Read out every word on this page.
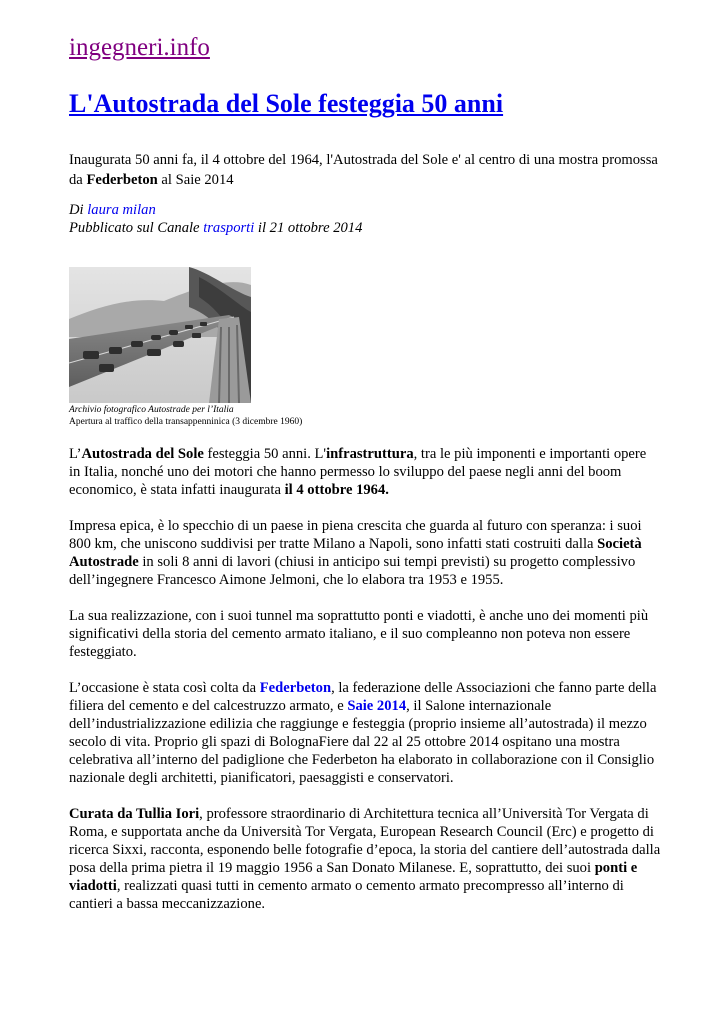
ingegneri.info
L'Autostrada del Sole festeggia 50 anni
Inaugurata 50 anni fa, il 4 ottobre del 1964, l'Autostrada del Sole e' al centro di una mostra promossa da Federbeton al Saie 2014
Di laura milan
Pubblicato sul Canale trasporti il 21 ottobre 2014
Archivio fotografico Autostrade per l’Italia
Apertura al traffico della transappenninica (3 dicembre 1960)

L’Autostrada del Sole festeggia 50 anni. L'infrastruttura, tra le più imponenti e importanti opere in Italia, nonché uno dei motori che hanno permesso lo sviluppo del paese negli anni del boom economico, è stata infatti inaugurata il 4 ottobre 1964.

Impresa epica, è lo specchio di un paese in piena crescita che guarda al futuro con speranza: i suoi 800 km, che uniscono suddivisi per tratte Milano a Napoli, sono infatti stati costruiti dalla Società Autostrade in soli 8 anni di lavori (chiusi in anticipo sui tempi previsti) su progetto complessivo dell’ingegnere Francesco Aimone Jelmoni, che lo elabora tra 1953 e 1955.

La sua realizzazione, con i suoi tunnel ma soprattutto ponti e viadotti, è anche uno dei momenti più significativi della storia del cemento armato italiano, e il suo compleanno non poteva non essere festeggiato.

L’occasione è stata così colta da Federbeton, la federazione delle Associazioni che fanno parte della filiera del cemento e del calcestruzzo armato, e Saie 2014, il Salone internazionale dell’industrializzazione edilizia che raggiunge e festeggia (proprio insieme all’autostrada) il mezzo secolo di vita. Proprio gli spazi di BolognaFiere dal 22 al 25 ottobre 2014 ospitano una mostra celebrativa all’interno del padiglione che Federbeton ha elaborato in collaborazione con il Consiglio nazionale degli architetti, pianificatori, paesaggisti e conservatori.

Curata da Tullia Iori, professore straordinario di Architettura tecnica all’Università Tor Vergata di Roma, e supportata anche da Università Tor Vergata, European Research Council (Erc) e progetto di ricerca Sixxi, racconta, esponendo belle fotografie d’epoca, la storia del cantiere dell’autostrada dalla posa della prima pietra il 19 maggio 1956 a San Donato Milanese. E, soprattutto, dei suoi ponti e viadotti, realizzati quasi tutti in cemento armato o cemento armato precompresso all’interno di cantieri a bassa meccanizzazione.
